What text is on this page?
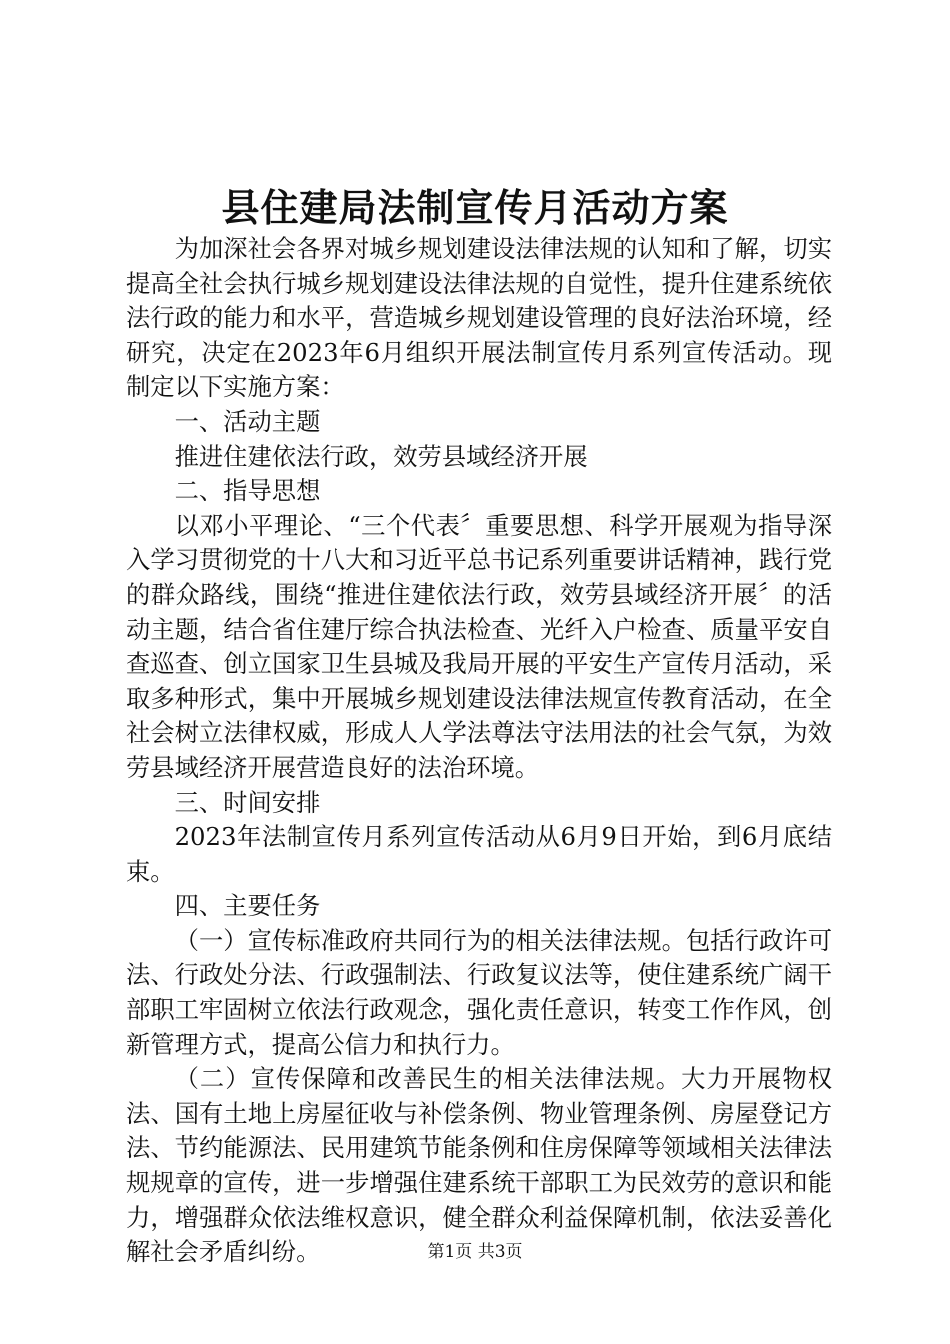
县住建局法制宣传月活动方案

为加深社会各界对城乡规划建设法律法规的认知和了解，切实提高全社会执行城乡规划建设法律法规的自觉性，提升住建系统依法行政的能力和水平，营造城乡规划建设管理的良好法治环境，经研究，决定在2023年6月组织开展法制宣传月系列宣传活动。现制定以下实施方案：

一、活动主题

推进住建依法行政，效劳县域经济开展

二、指导思想

以邓小平理论、“三个代表〞重要思想、科学开展观为指导深入学习贯彻党的十八大和习近平总书记系列重要讲话精神，践行党的群众路线，围绕“推进住建依法行政，效劳县域经济开展〞的活动主题，结合省住建厅综合执法检查、光纤入户检查、质量平安自查巡查、创立国家卫生县城及我局开展的平安生产宣传月活动，采取多种形式，集中开展城乡规划建设法律法规宣传教育活动，在全社会树立法律权威，形成人人学法尊法守法用法的社会气氛，为效劳县域经济开展营造良好的法治环境。

三、时间安排

2023年法制宣传月系列宣传活动从6月9日开始，到6月底结束。

四、主要任务

（一）宣传标准政府共同行为的相关法律法规。包括行政许可法、行政处分法、行政强制法、行政复议法等，使住建系统广阔干部职工牢固树立依法行政观念，强化责任意识，转变工作作风，创新管理方式，提高公信力和执行力。

（二）宣传保障和改善民生的相关法律法规。大力开展物权法、国有土地上房屋征收与补偿条例、物业管理条例、房屋登记方法、节约能源法、民用建筑节能条例和住房保障等领域相关法律法规规章的宣传，进一步增强住建系统干部职工为民效劳的意识和能力，增强群众依法维权意识，健全群众利益保障机制，依法妥善化解社会矛盾纠纷。	第1页 共3页
